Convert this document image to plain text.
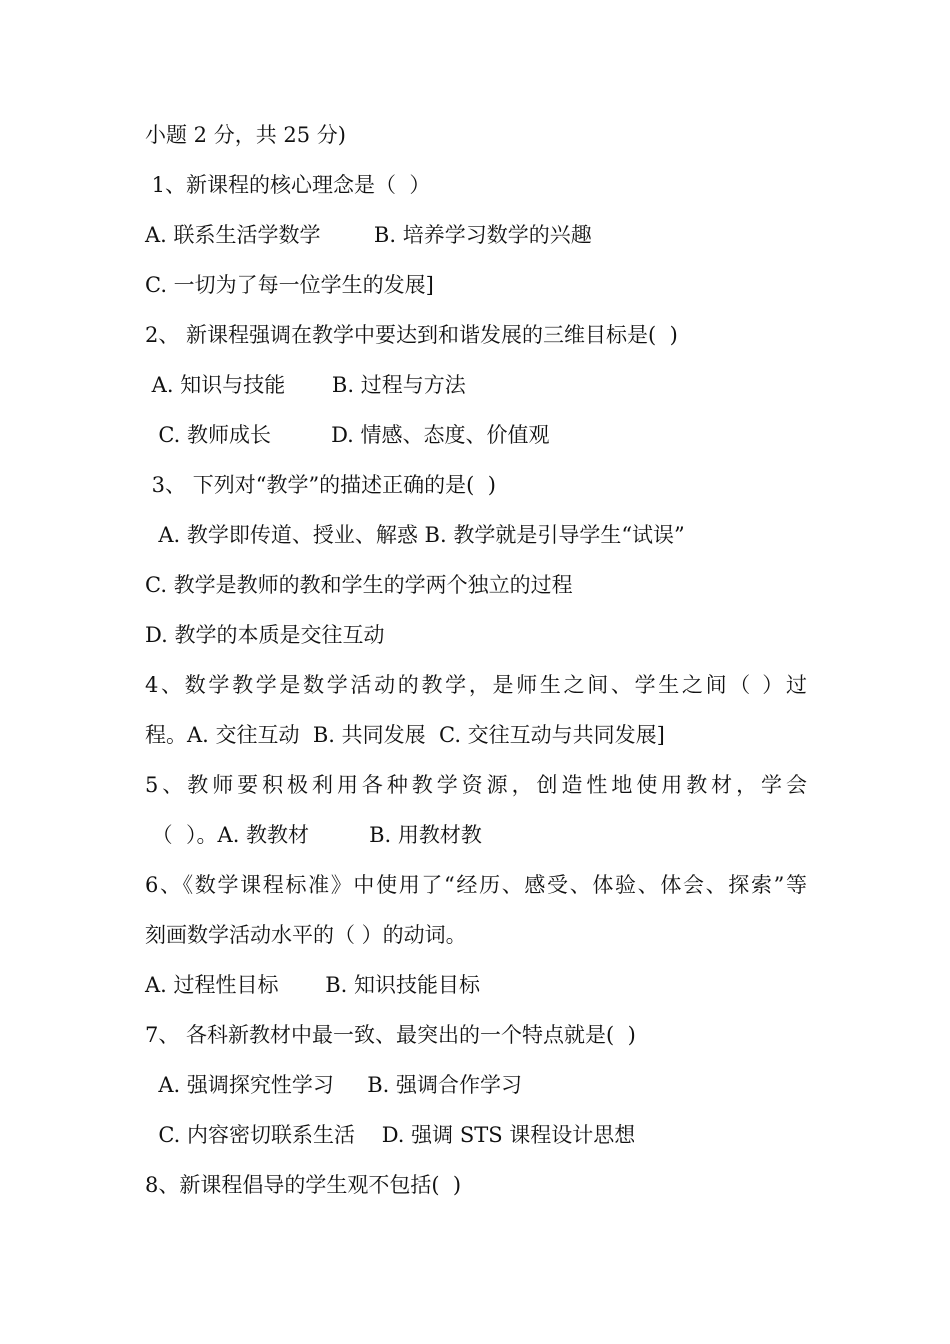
小题 2 分，共 25 分)
1、新课程的核心理念是（  ）
A. 联系生活学数学        B. 培养学习数学的兴趣
C. 一切为了每一位学生的发展]
2、 新课程强调在教学中要达到和谐发展的三维目标是(  )
A. 知识与技能       B. 过程与方法
C. 教师成长         D. 情感、态度、价值观
3、 下列对“教学”的描述正确的是(  )
A. 教学即传道、授业、解惑 B. 教学就是引导学生“试误”
C. 教学是教师的教和学生的学两个独立的过程
D. 教学的本质是交往互动
4、数学教学是数学活动的教学，是师生之间、学生之间（ ）过
程。A. 交往互动  B. 共同发展  C. 交往互动与共同发展]
5、教师要积极利用各种教学资源，创造性地使用教材，学会
（  ）。A. 教教材         B. 用教材教
6、《数学课程标准》中使用了“经历、感受、体验、体会、探索”等
刻画数学活动水平的（ ）的动词。
A. 过程性目标       B. 知识技能目标
7、 各科新教材中最一致、最突出的一个特点就是(  )
A. 强调探究性学习     B. 强调合作学习
C. 内容密切联系生活    D. 强调 STS 课程设计思想
8、新课程倡导的学生观不包括(  )
